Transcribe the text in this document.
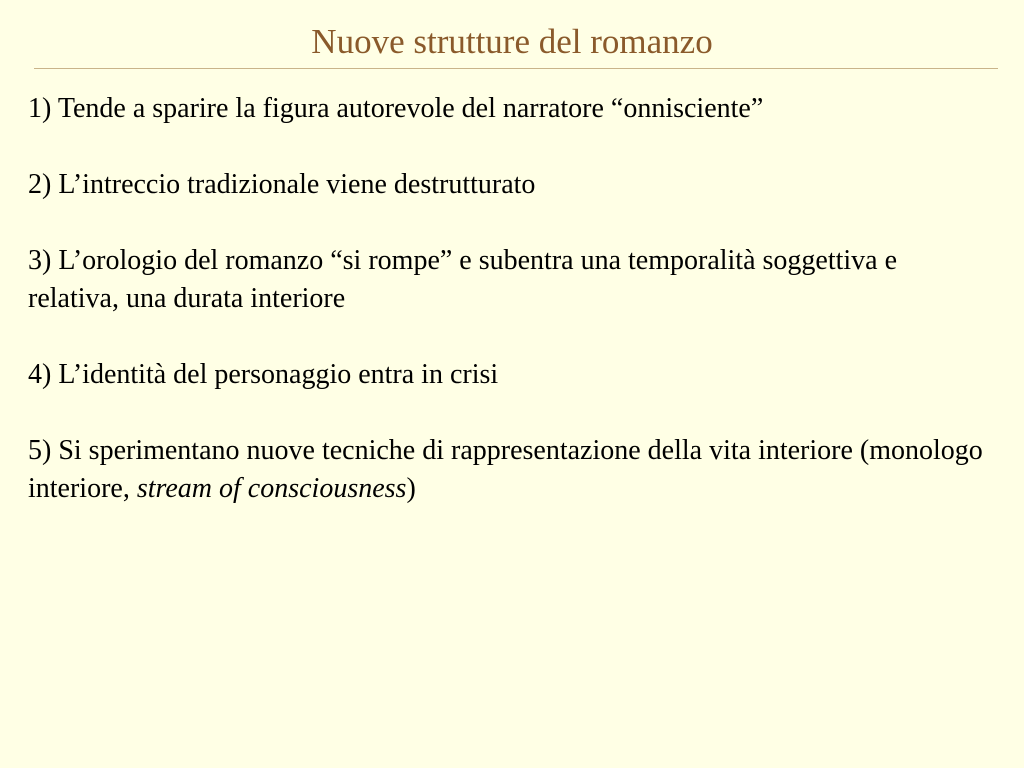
Nuove strutture del romanzo

1) Tende a sparire la figura autorevole del narratore “onnisciente”

2) L’intreccio tradizionale viene destrutturato

3) L’orologio del romanzo “si rompe” e subentra una temporalità soggettiva e relativa, una durata interiore

4) L’identità del personaggio entra in crisi

5) Si sperimentano nuove tecniche di rappresentazione della vita interiore (monologo interiore, stream of consciousness)
